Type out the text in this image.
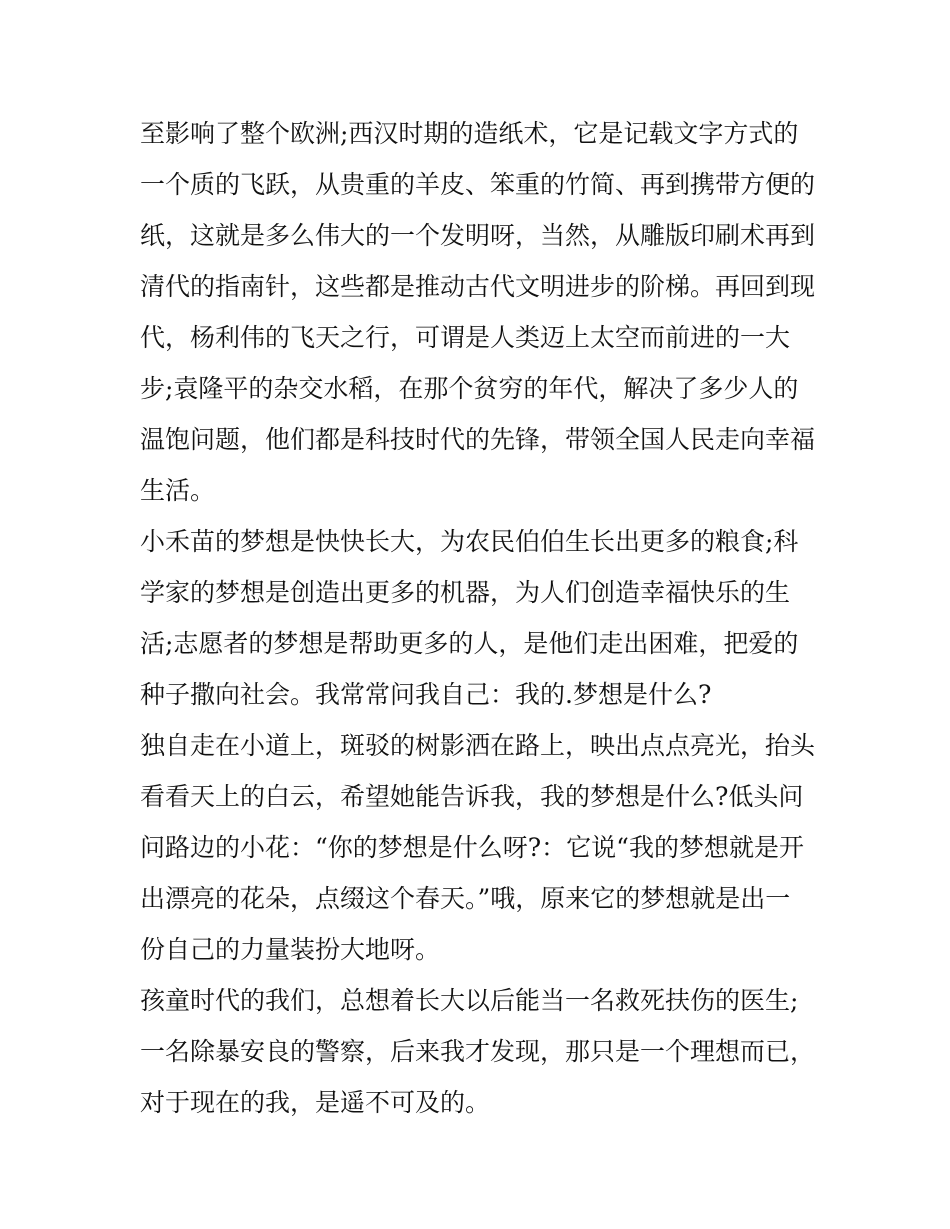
至影响了整个欧洲;西汉时期的造纸术，它是记载文字方式的
一个质的飞跃，从贵重的羊皮、笨重的竹简、再到携带方便的
纸，这就是多么伟大的一个发明呀，当然，从雕版印刷术再到
清代的指南针，这些都是推动古代文明进步的阶梯。再回到现
代，杨利伟的飞天之行，可谓是人类迈上太空而前进的一大
步;袁隆平的杂交水稻，在那个贫穷的年代，解决了多少人的
温饱问题，他们都是科技时代的先锋，带领全国人民走向幸福
生活。
小禾苗的梦想是快快长大，为农民伯伯生长出更多的粮食;科
学家的梦想是创造出更多的机器，为人们创造幸福快乐的生
活;志愿者的梦想是帮助更多的人，是他们走出困难，把爱的
种子撒向社会。我常常问我自己：我的.梦想是什么?
独自走在小道上，斑驳的树影洒在路上，映出点点亮光，抬头
看看天上的白云，希望她能告诉我，我的梦想是什么?低头问
问路边的小花：“你的梦想是什么呀?：它说“我的梦想就是开
出漂亮的花朵，点缀这个春天。”哦，原来它的梦想就是出一
份自己的力量装扮大地呀。
孩童时代的我们，总想着长大以后能当一名救死扶伤的医生;
一名除暴安良的警察，后来我才发现，那只是一个理想而已，
对于现在的我，是遥不可及的。
